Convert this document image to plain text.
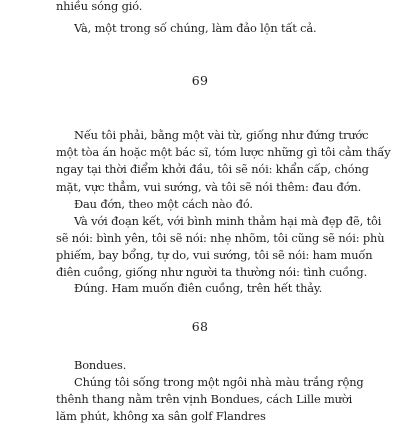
nhiều sóng gió.
Và, một trong số chúng, làm đảo lộn tất cả.
69
Nếu tôi phải, bằng một vài từ, giống như đứng trước
một tòa án hoặc một bác sĩ, tóm lược những gì tôi cảm thấy
ngay tại thời điểm khởi đầu, tôi sẽ nói: khẩn cấp, chóng
mặt, vực thẳm, vui sướng, và tôi sẽ nói thêm: đau đớn.
Đau đớn, theo một cách nào đó.
Và với đoạn kết, với bình minh thảm hại mà đẹp đẽ, tôi
sẽ nói: bình yên, tôi sẽ nói: nhẹ nhõm, tôi cũng sẽ nói: phù
phiếm, bay bổng, tự do, vui sướng, tôi sẽ nói: ham muốn
điên cuồng, giống như người ta thường nói: tình cuồng.
Đúng. Ham muốn điên cuồng, trên hết thảy.
68
Bondues.
Chúng tôi sống trong một ngôi nhà màu trắng rộng
thênh thang nằm trên vịnh Bondues, cách Lille mười
lăm phút, không xa sân golf Flandres
